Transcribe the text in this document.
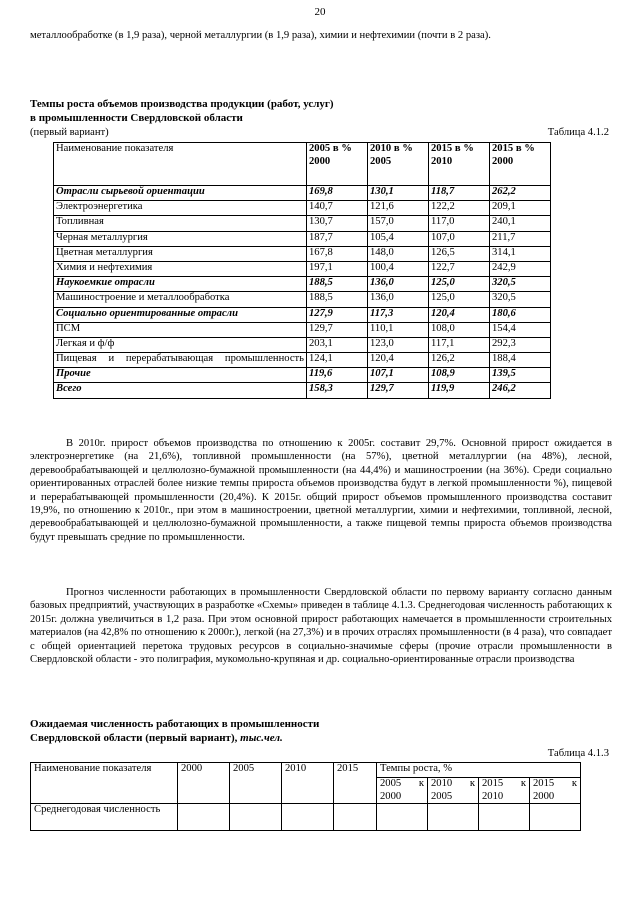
20

металлообработке (в 1,9 раза), черной металлургии (в 1,9 раза), химии и нефтехимии (почти в 2 раза).

Темпы роста объемов производства продукции (работ, услуг)
в промышленности Свердловской области
(первый вариант)	Таблица 4.1.2
Наименование показателя	2005 в % 2000	2010 в % 2005	2015 в % 2010	2015 в % 2000
Отрасли сырьевой ориентации	169,8	130,1	118,7	262,2
Электроэнергетика	140,7	121,6	122,2	209,1
Топливная	130,7	157,0	117,0	240,1
Черная металлургия	187,7	105,4	107,0	211,7
Цветная металлургия	167,8	148,0	126,5	314,1
Химия и нефтехимия	197,1	100,4	122,7	242,9
Наукоемкие отрасли	188,5	136,0	125,0	320,5
Машиностроение и металлообработка	188,5	136,0	125,0	320,5
Социально ориентированные отрасли	127,9	117,3	120,4	180,6
ПСМ	129,7	110,1	108,0	154,4
Легкая и ф/ф	203,1	123,0	117,1	292,3
Пищевая и перерабатывающая промышленность	124,1	120,4	126,2	188,4
Прочие	119,6	107,1	108,9	139,5
Всего	158,3	129,7	119,9	246,2

В 2010г. прирост объемов производства по отношению к 2005г. составит 29,7%. Основной прирост ожидается в электроэнергетике (на 21,6%), топливной промышленности (на 57%), цветной металлургии (на 48%), лесной, деревообрабатывающей и целлюлозно-бумажной промышленности (на 44,4%) и машиностроении (на 36%). Среди социально ориентированных отраслей более низкие темпы прироста объемов производства будут в легкой промышленности %), пищевой и перерабатывающей промышленности (20,4%). К 2015г. общий прирост объемов промышленного производства составит 19,9%, по отношению к 2010г., при этом в машиностроении, цветной металлургии, химии и нефтехимии, топливной, лесной, деревообрабатывающей и целлюлозно-бумажной промышленности, а также пищевой темпы прироста объемов производства будут превышать средние по промышленности.

Прогноз численности работающих в промышленности Свердловской области по первому варианту согласно данным базовых предприятий, участвующих в разработке «Схемы» приведен в таблице 4.1.3. Среднегодовая численность работающих к 2015г. должна увеличиться в 1,2 раза. При этом основной прирост работающих намечается в промышленности строительных материалов (на 42,8% по отношению к 2000г.), легкой (на 27,3%) и в прочих отраслях промышленности (в 4 раза), что совпадает с общей ориентацией перетока трудовых ресурсов в социально-значимые сферы (прочие отрасли промышленности в Свердловской области - это полиграфия, мукомольно-крупяная и др. социально-ориентированные отрасли производства

Ожидаемая численность работающих в промышленности
Свердловской области (первый вариант), тыс.чел.
Таблица 4.1.3
Наименование показателя	2000	2005	2010	2015	Темпы роста, %			
					2005 к 2000	2010 к 2005	2015 к 2010	2015 к 2000
Среднегодовая численность								
